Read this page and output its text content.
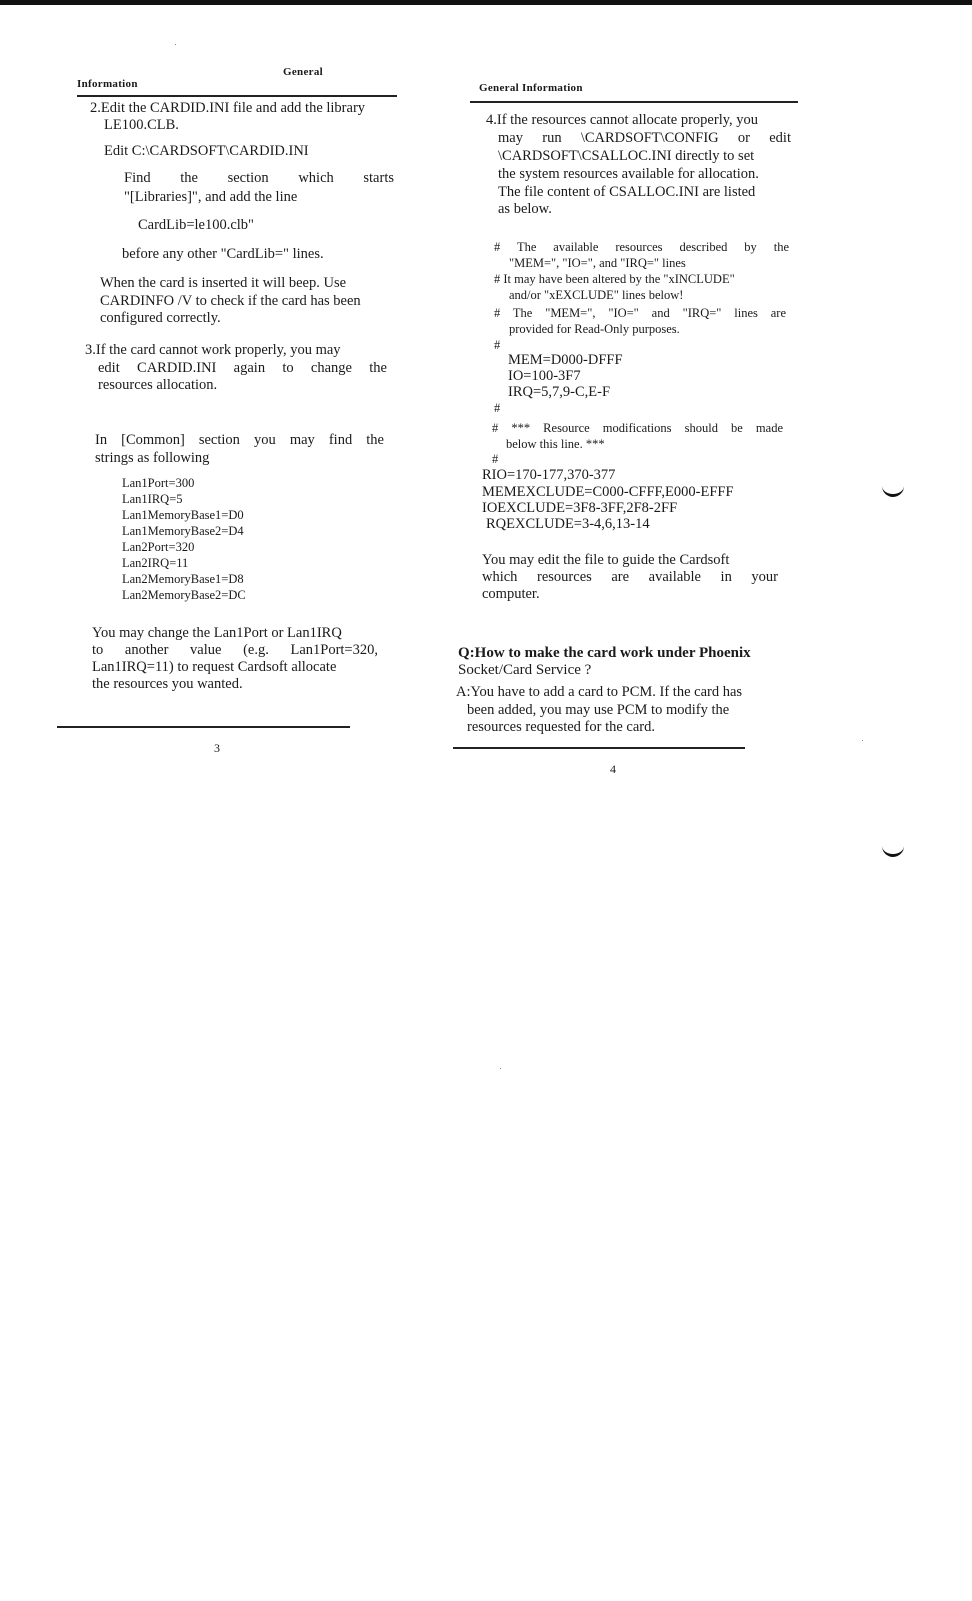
General
Information
2.Edit the CARDID.INI file and add the library
LE100.CLB.
Edit C:\CARDSOFT\CARDID.INI
Find the section which starts
"[Libraries]", and add the line
CardLib=le100.clb"
before any other "CardLib=" lines.
When the card is inserted it will beep. Use
CARDINFO /V to check if the card has been
configured correctly.
3.If the card cannot work properly, you may
edit CARDID.INI again to change the
resources allocation.
In [Common] section you may find the
strings as following
Lan1Port=300
Lan1IRQ=5
Lan1MemoryBase1=D0
Lan1MemoryBase2=D4
Lan2Port=320
Lan2IRQ=11
Lan2MemoryBase1=D8
Lan2MemoryBase2=DC
You may change the Lan1Port or Lan1IRQ
to another value (e.g. Lan1Port=320,
Lan1IRQ=11) to request Cardsoft allocate
the resources you wanted.
3
General Information
4.If the resources cannot allocate properly, you
may run \CARDSOFT\CONFIG or edit
\CARDSOFT\CSALLOC.INI directly to set
the system resources available for allocation.
The file content of CSALLOC.INI are listed
as below.
# The available resources described by the
"MEM=", "IO=", and "IRQ=" lines
# It may have been altered by the "xINCLUDE"
and/or "xEXCLUDE" lines below!
# The "MEM=", "IO=" and "IRQ=" lines are
provided for Read-Only purposes.
#
MEM=D000-DFFF
IO=100-3F7
IRQ=5,7,9-C,E-F
#
# *** Resource modifications should be made
below this line. ***
#
RIO=170-177,370-377
MEMEXCLUDE=C000-CFFF,E000-EFFF
IOEXCLUDE=3F8-3FF,2F8-2FF
RQEXCLUDE=3-4,6,13-14
You may edit the file to guide the Cardsoft
which resources are available in your
computer.
Q:How to make the card work under Phoenix
Socket/Card Service ?
A:You have to add a card to PCM. If the card has
been added, you may use PCM to modify the
resources requested for the card.
4
